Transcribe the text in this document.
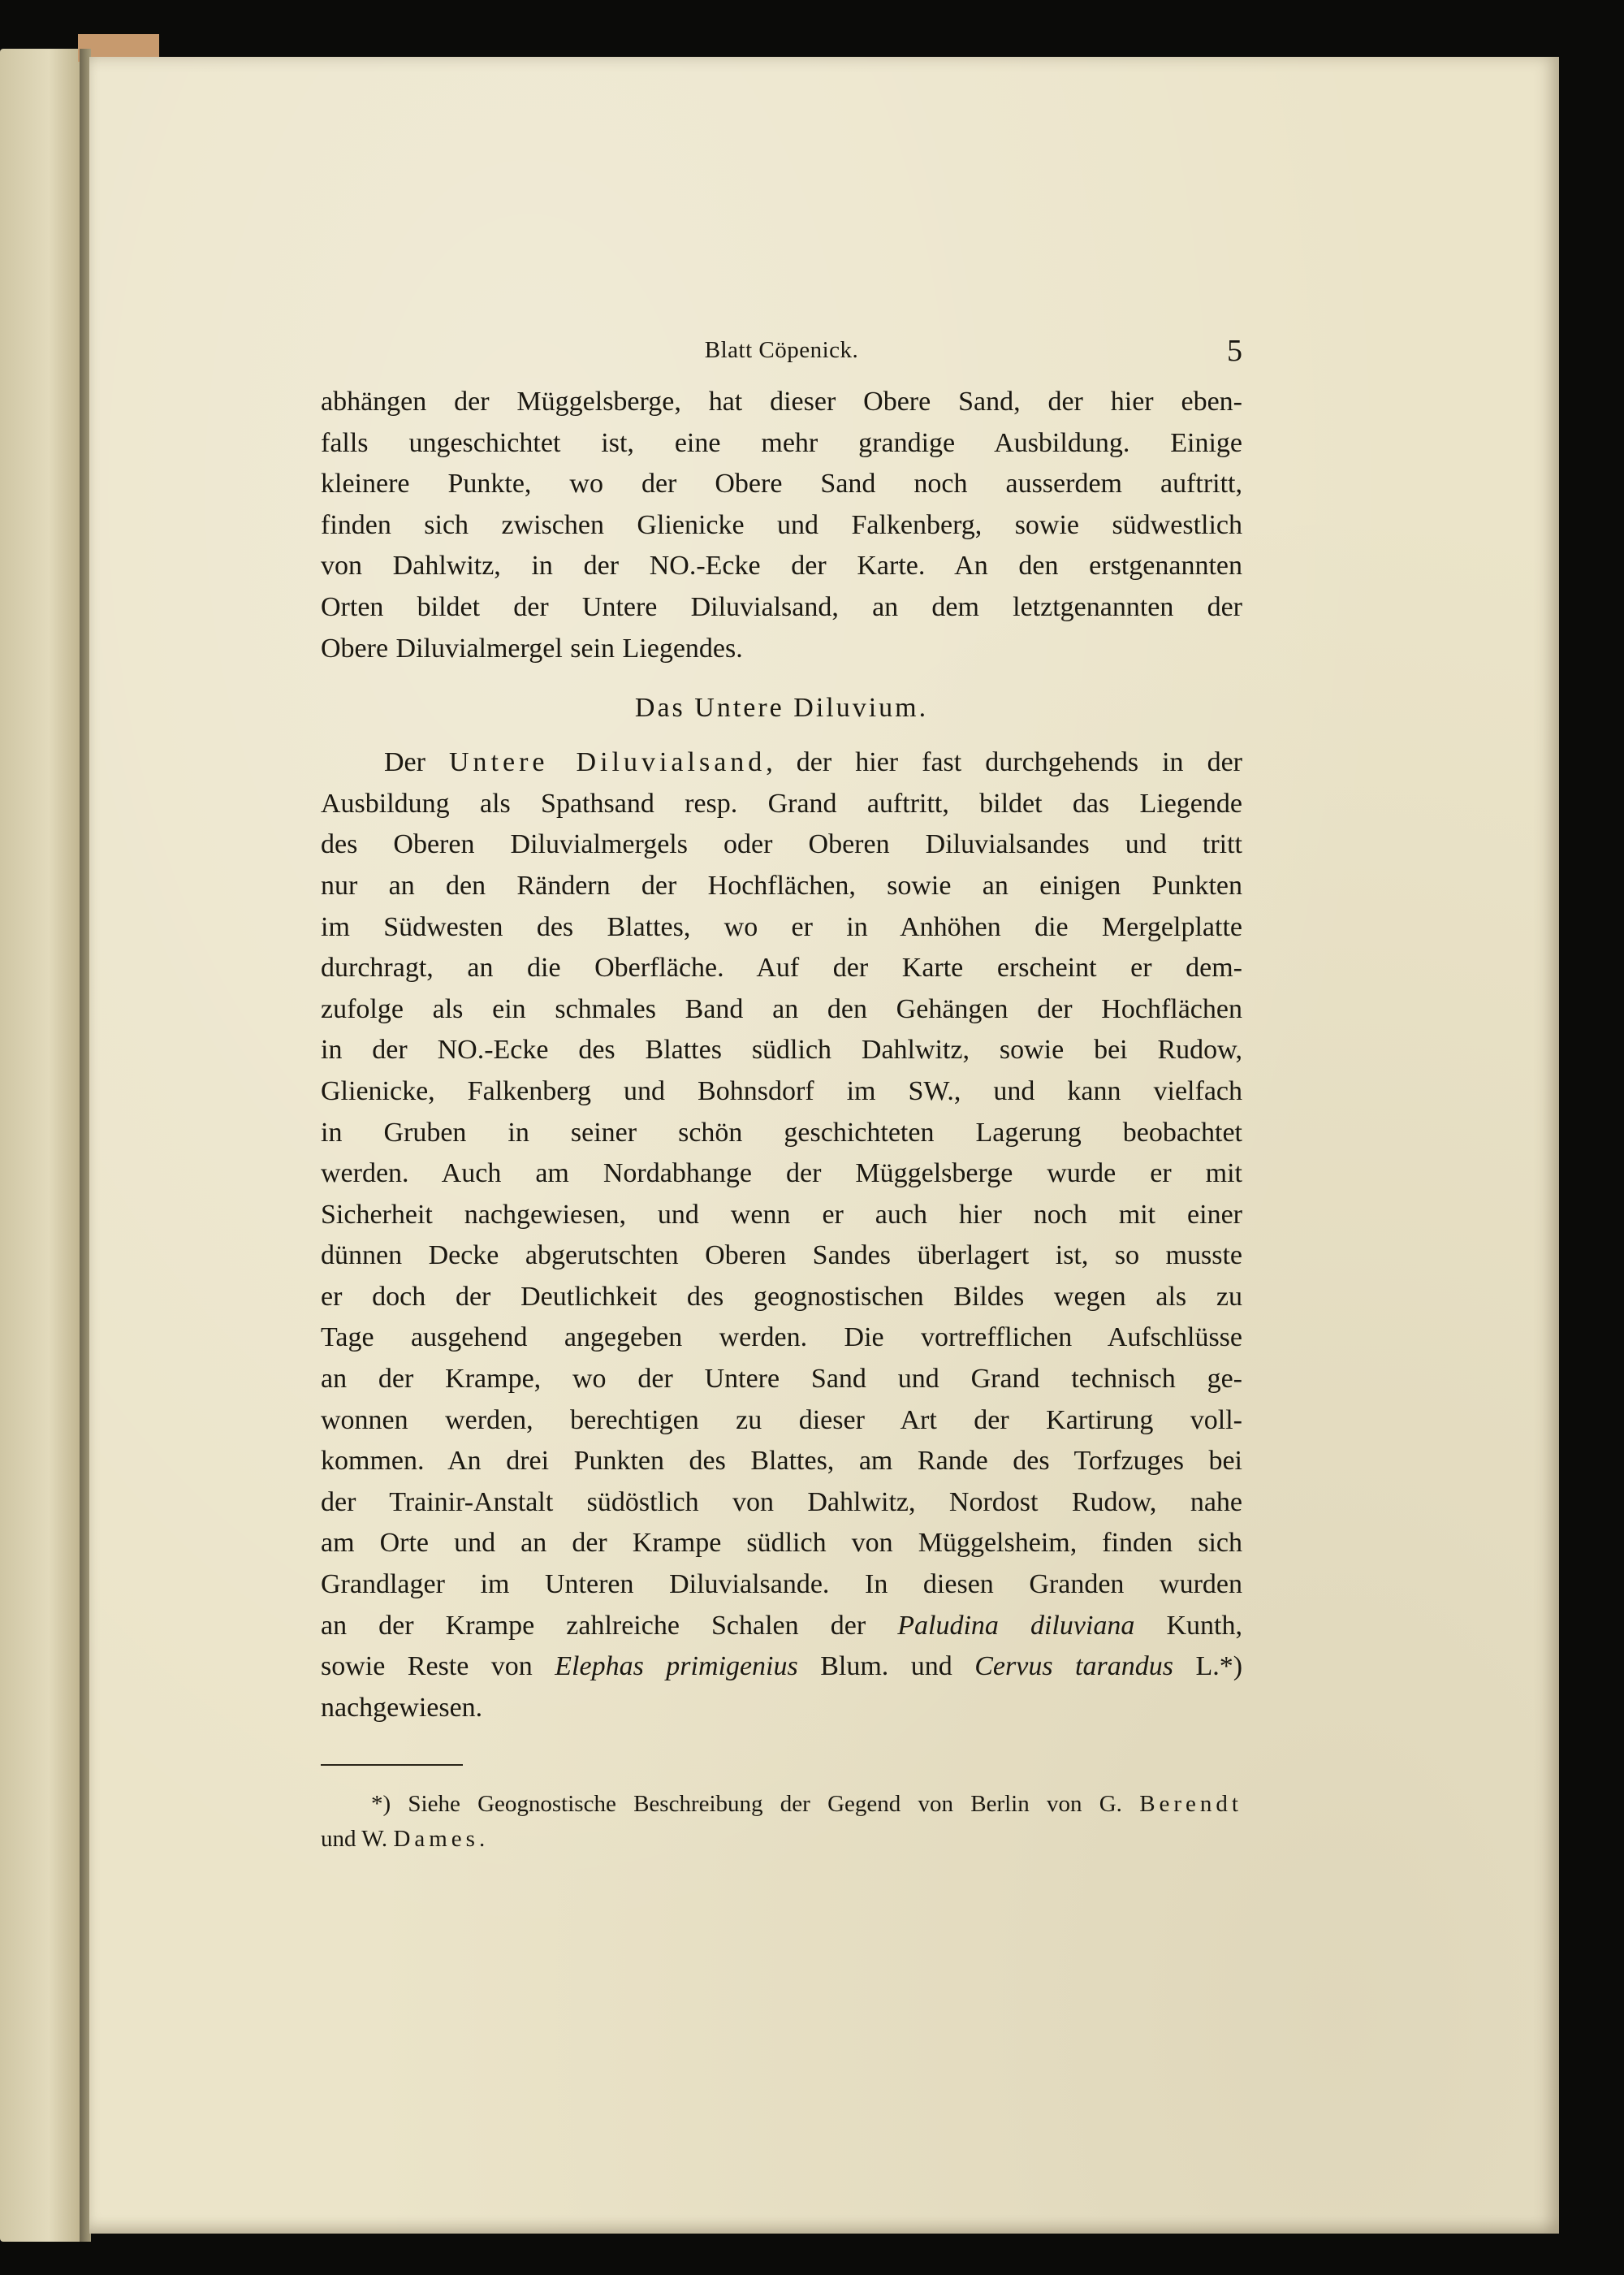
Blatt Cöpenick.	5

abhängen der Müggelsberge, hat dieser Obere Sand, der hier eben-

falls ungeschichtet ist, eine mehr grandige Ausbildung. Einige

kleinere Punkte, wo der Obere Sand noch ausserdem auftritt,

finden sich zwischen Glienicke und Falkenberg, sowie südwestlich

von Dahlwitz, in der NO.-Ecke der Karte. An den erstgenannten

Orten bildet der Untere Diluvialsand, an dem letztgenannten der

Obere Diluvialmergel sein Liegendes.

Das Untere Diluvium.

Der Untere Diluvialsand, der hier fast durchgehends in der

Ausbildung als Spathsand resp. Grand auftritt, bildet das Liegende

des Oberen Diluvialmergels oder Oberen Diluvialsandes und tritt

nur an den Rändern der Hochflächen, sowie an einigen Punkten

im Südwesten des Blattes, wo er in Anhöhen die Mergelplatte

durchragt, an die Oberfläche. Auf der Karte erscheint er dem-

zufolge als ein schmales Band an den Gehängen der Hochflächen

in der NO.-Ecke des Blattes südlich Dahlwitz, sowie bei Rudow,

Glienicke, Falkenberg und Bohnsdorf im SW., und kann vielfach

in Gruben in seiner schön geschichteten Lagerung beobachtet

werden. Auch am Nordabhange der Müggelsberge wurde er mit

Sicherheit nachgewiesen, und wenn er auch hier noch mit einer

dünnen Decke abgerutschten Oberen Sandes überlagert ist, so musste

er doch der Deutlichkeit des geognostischen Bildes wegen als zu

Tage ausgehend angegeben werden. Die vortrefflichen Aufschlüsse

an der Krampe, wo der Untere Sand und Grand technisch ge-

wonnen werden, berechtigen zu dieser Art der Kartirung voll-

kommen. An drei Punkten des Blattes, am Rande des Torfzuges bei

der Trainir-Anstalt südöstlich von Dahlwitz, Nordost Rudow, nahe

am Orte und an der Krampe südlich von Müggelsheim, finden sich

Grandlager im Unteren Diluvialsande. In diesen Granden wurden

an der Krampe zahlreiche Schalen der Paludina diluviana Kunth,

sowie Reste von Elephas primigenius Blum. und Cervus tarandus L.*)

nachgewiesen.

*) Siehe Geognostische Beschreibung der Gegend von Berlin von G. Berendt

und W. Dames.
